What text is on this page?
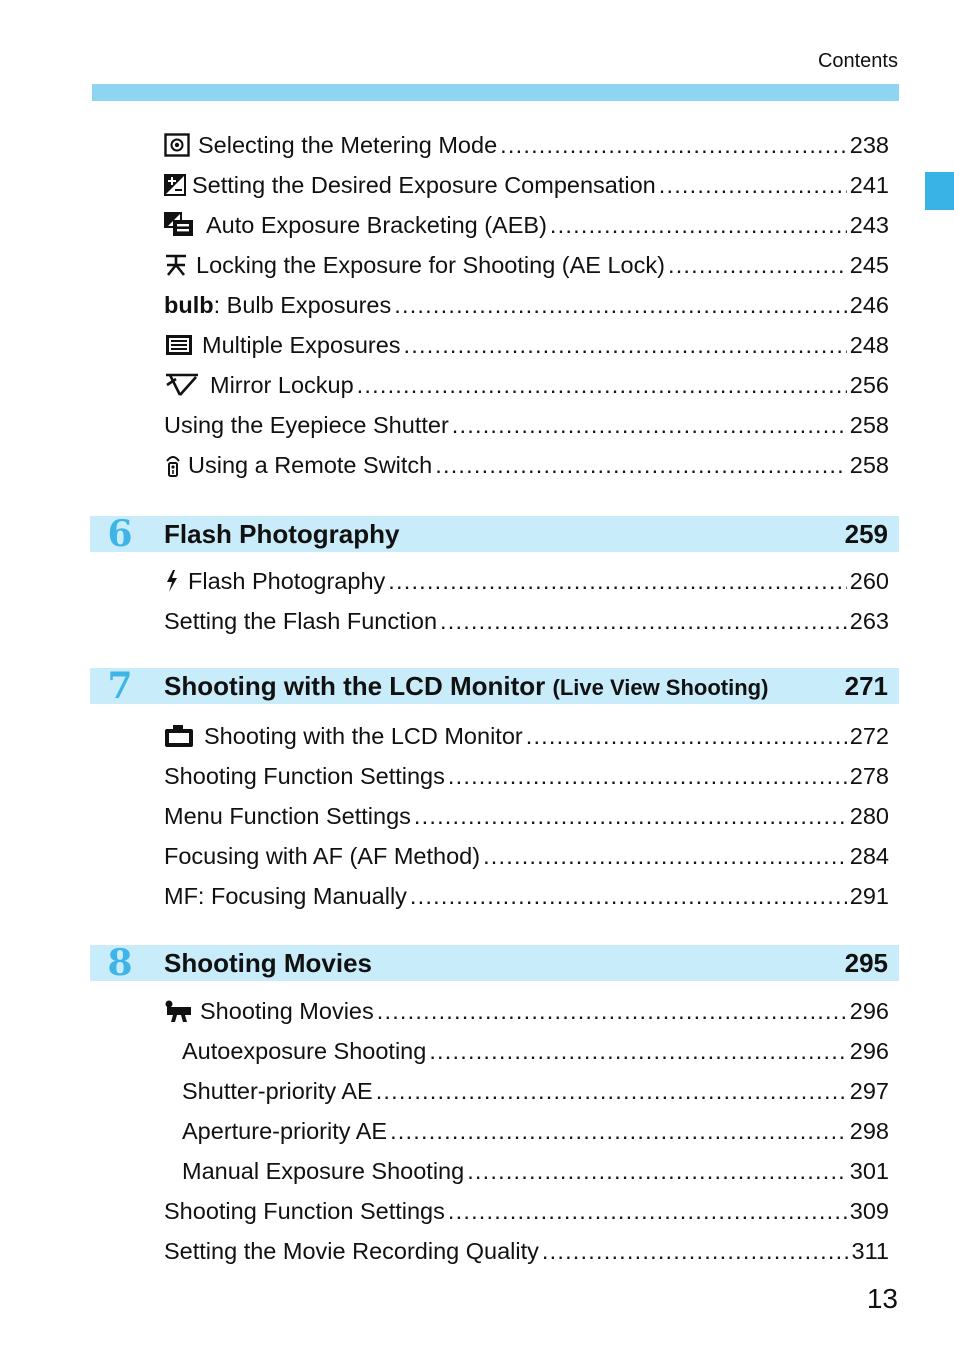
Contents
Selecting the Metering Mode .....	238
Setting the Desired Exposure Compensation .....	241
Auto Exposure Bracketing (AEB) .....	243
Locking the Exposure for Shooting (AE Lock) .....	245
bulb: Bulb Exposures .....	246
Multiple Exposures .....	248
Mirror Lockup .....	256
Using the Eyepiece Shutter .....	258
Using a Remote Switch .....	258
6	Flash Photography	259
Flash Photography .....	260
Setting the Flash Function .....	263
7	Shooting with the LCD Monitor (Live View Shooting)	271
Shooting with the LCD Monitor .....	272
Shooting Function Settings .....	278
Menu Function Settings .....	280
Focusing with AF (AF Method) .....	284
MF: Focusing Manually .....	291
8	Shooting Movies	295
Shooting Movies .....	296
Autoexposure Shooting .....	296
Shutter-priority AE .....	297
Aperture-priority AE .....	298
Manual Exposure Shooting .....	301
Shooting Function Settings .....	309
Setting the Movie Recording Quality .....	311
13
